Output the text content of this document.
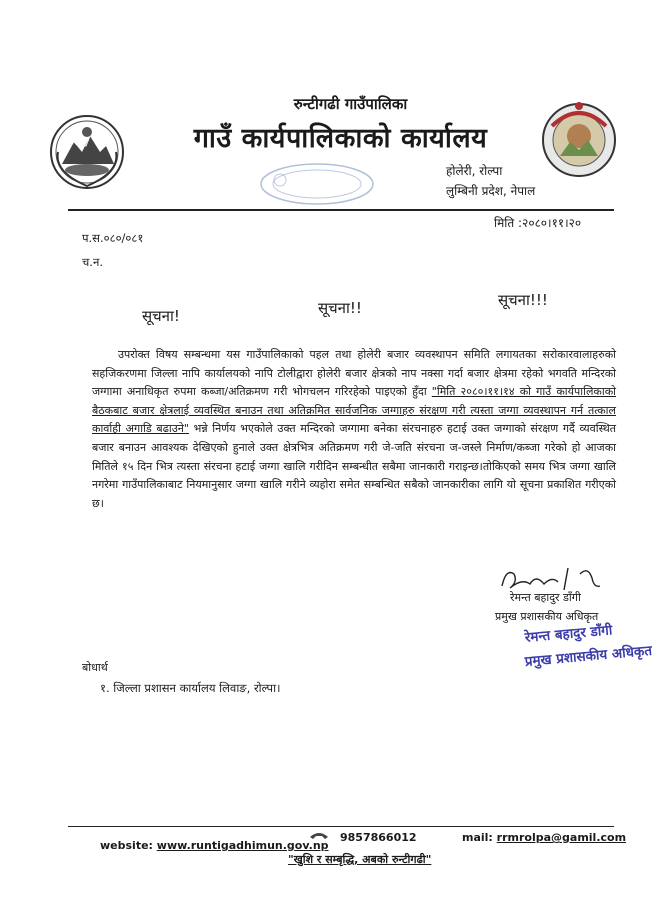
रुन्टीगढी गाउँपालिका
गाउँ कार्यपालिकाको कार्यालय
होलेरी, रोल्पा
लुम्बिनी प्रदेश, नेपाल
मिति :२०८०।११।२०
प.स.०८०/०८१
च.न.
सूचना!	सूचना!!	सूचना!!!
उपरोक्त विषय सम्बन्धमा यस गाउँपालिकाको पहल तथा होलेरी बजार व्यवस्थापन समिति लगायतका सरोकारवालाहरुको सहजिकरणमा जिल्ला नापि कार्यालयको नापि टोलीद्वारा होलेरी बजार क्षेत्रको नाप नक्सा गर्दा बजार क्षेत्रमा रहेको भगवति मन्दिरको जग्गामा अनाधिकृत रुपमा कब्जा/अतिक्रमण गरी भोगचलन गरिरहेको पाइएको हुँदा "मिति २०८०।११।१४ को गाउँ कार्यपालिकाको बैठकबाट बजार क्षेत्रलाई व्यवस्थित बनाउन तथा अतिक्रमित सार्वजनिक जग्गाहरु संरक्षण गरी त्यस्ता जग्गा व्यवस्थापन गर्न तत्काल कार्वाही अगाडि बढाउने" भन्ने निर्णय भएकोले उक्त मन्दिरको जग्गामा बनेका संरचनाहरु हटाई उक्त जग्गाको संरक्षण गर्दै व्यवस्थित बजार बनाउन आवश्यक देखिएको हुनाले उक्त क्षेत्रभित्र अतिक्रमण गरी जे-जति संरचना ज-जस्ले निर्माण/कब्जा गरेको हो आजका मितिले १५ दिन भित्र त्यस्ता संरचना हटाई जग्गा खालि गरीदिन सम्बन्धीत सबैमा जानकारी गराइन्छ।तोकिएको समय भित्र जग्गा खालि नगरेमा गाउँपालिकाबाट नियमानुसार जग्गा खालि गरीने व्यहोरा समेत सम्बन्धित सबैको जानकारीका लागि यो सूचना प्रकाशित गरीएको छ।
रेमन्त बहादुर डाँगी
प्रमुख प्रशासकीय अधिकृत
रेमन्त बहादुर डाँगी
प्रमुख प्रशासकीय अधिकृत
बोधार्थ
१. जिल्ला प्रशासन कार्यालय लिवाङ, रोल्पा।
website: www.runtigadhimun.gov.np
9857866012	mail: rrmrolpa@gamil.com
"खुशि र सम्बृद्धि, अबको रुन्टीगढी"
